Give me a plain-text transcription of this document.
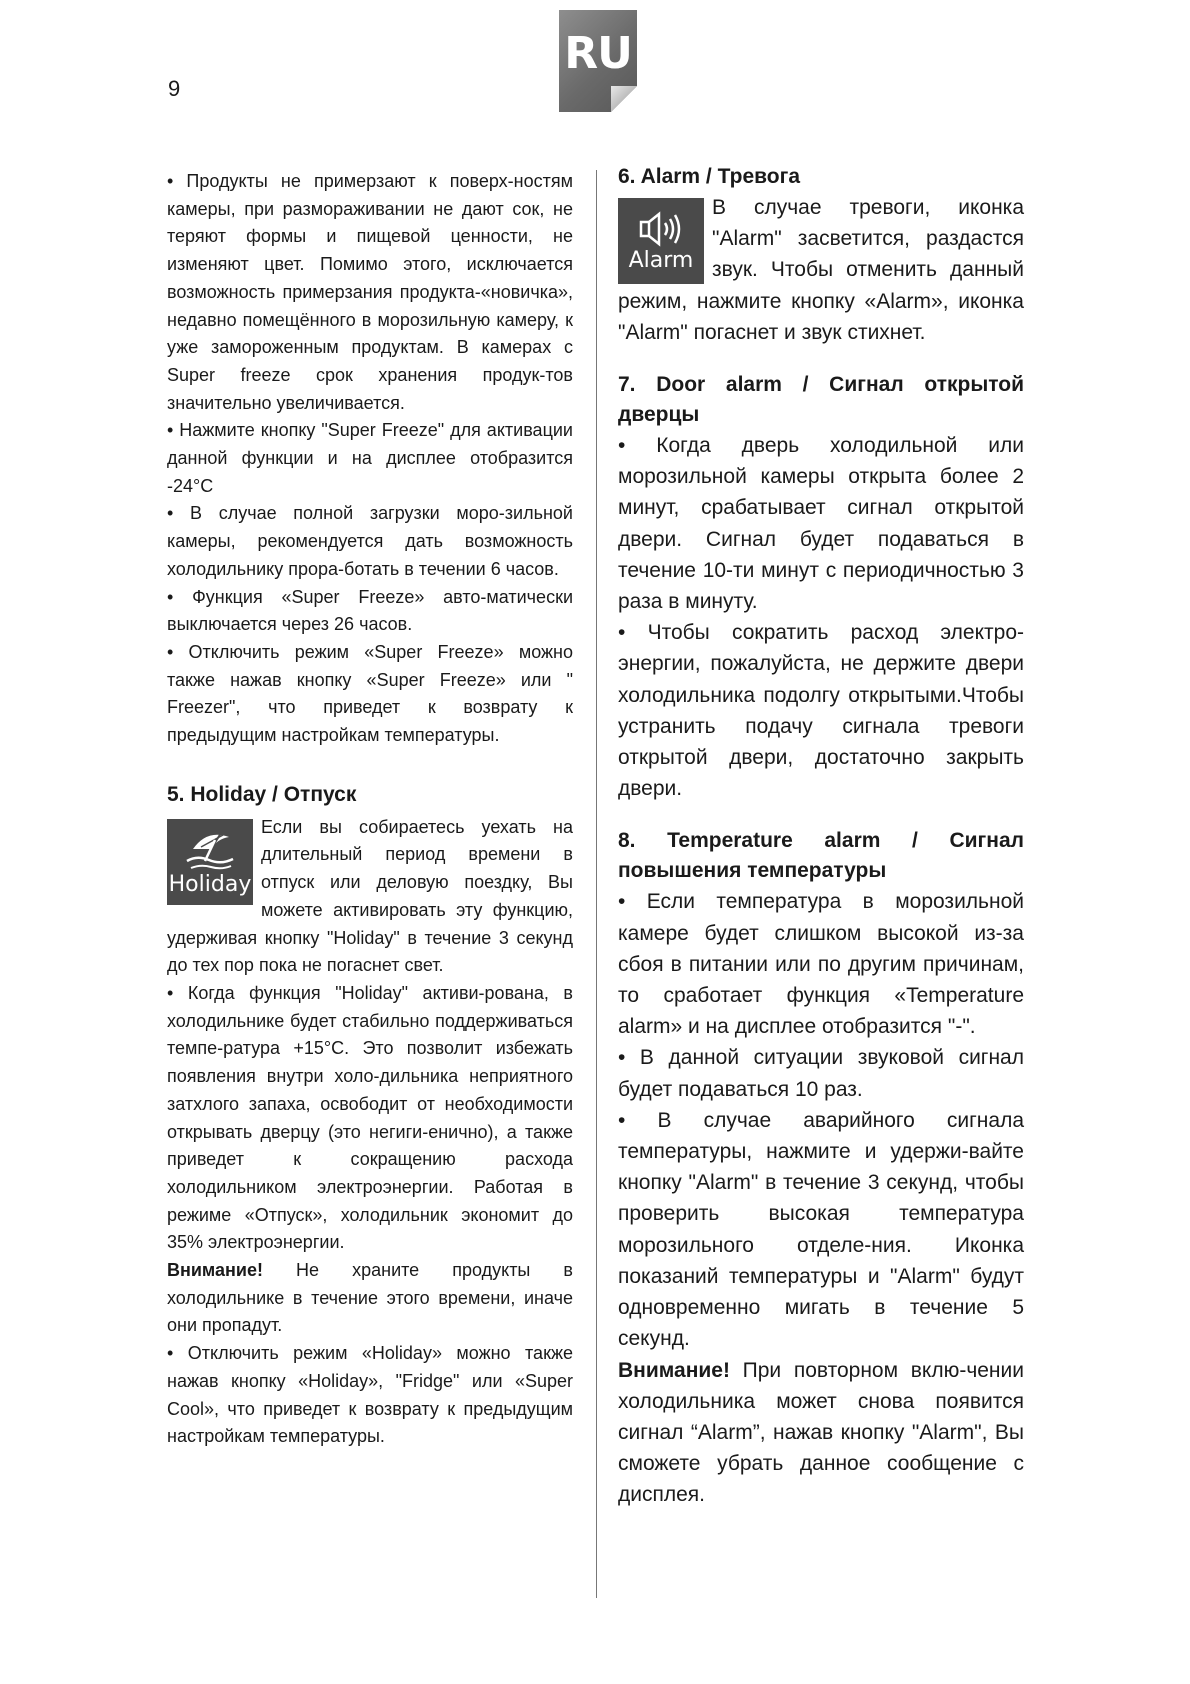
9
RU

• Продукты не примерзают к поверх-ностям камеры, при размораживании не дают сок, не теряют формы и пищевой ценности, не изменяют цвет. Помимо этого, исключается возможность примерзания продукта-«новичка», недавно помещённого в морозильную камеру, к уже замороженным продуктам. В камерах с Super freeze срок хранения продук-тов значительно увеличивается.

• Нажмите кнопку "Super Freeze" для активации данной функции и на дисплее отобразится -24°С

• В случае полной загрузки моро-зильной камеры, рекомендуется дать возможность холодильнику прора-ботать в течении 6 часов.

• Функция «Super Freeze» авто-матически выключается через 26 часов.

• Отключить режим «Super Freeze» можно также нажав кнопку «Super Freeze» или " Freezer", что приведет к возврату к предыдущим настройкам температуры.

5. Holiday / Отпуск
Holiday

Если вы собираетесь уехать на длительный период времени в отпуск или деловую поездку, Вы можете активировать эту функцию, удерживая кнопку "Holiday" в течение 3 секунд до тех пор пока не погаснет свет.

• Когда функция "Holiday" активи-рована, в холодильнике будет стабильно поддерживаться темпе-ратура +15°С. Это позволит избежать появления внутри холо-дильника неприятного затхлого запаха, освободит от необходимости открывать дверцу (это негиги-енично), а также приведет к сокращению расхода холодильником электроэнергии. Работая в режиме «Отпуск», холодильник экономит до 35% электроэнергии.

Внимание! Не храните продукты в холодильнике в течение этого времени, иначе они пропадут.

• Отключить режим «Holiday» можно также нажав кнопку «Holiday», "Fridge" или «Super Cool», что приведет к возврату к предыдущим настройкам температуры.

6. Alarm / Тревога
Alarm

В случае тревоги, иконка "Alarm" засветится, раздастся звук. Чтобы отменить данный режим, нажмите кнопку «Alarm», иконка "Alarm" погаснет и звук стихнет.

7. Door alarm / Сигнал открытой дверцы

• Когда дверь холодильной или морозильной камеры открыта более 2 минут, срабатывает сигнал открытой двери. Сигнал будет подаваться в течение 10-ти минут с периодичностью 3 раза в минуту.

• Чтобы сократить расход электро-энергии, пожалуйста, не держите двери холодильника подолгу открытыми.Чтобы устранить подачу сигнала тревоги открытой двери, достаточно закрыть двери.

8. Temperature alarm / Сигнал повышения температуры

• Если температура в морозильной камере будет слишком высокой из-за сбоя в питании или по другим причинам, то сработает функция «Temperature alarm» и на дисплее отобразится "-".

• В данной ситуации звуковой сигнал будет подаваться 10 раз.

• В случае аварийного сигнала температуры, нажмите и удержи-вайте кнопку "Alarm" в течение 3 секунд, чтобы проверить высокая температура морозильного отделе-ния. Иконка показаний температуры и "Alarm" будут одновременно мигать в течение 5 секунд.

Внимание! При повторном вклю-чении холодильника может снова появится сигнал “Alarm”, нажав кнопку "Alarm", Вы сможете убрать данное сообщение с дисплея.
